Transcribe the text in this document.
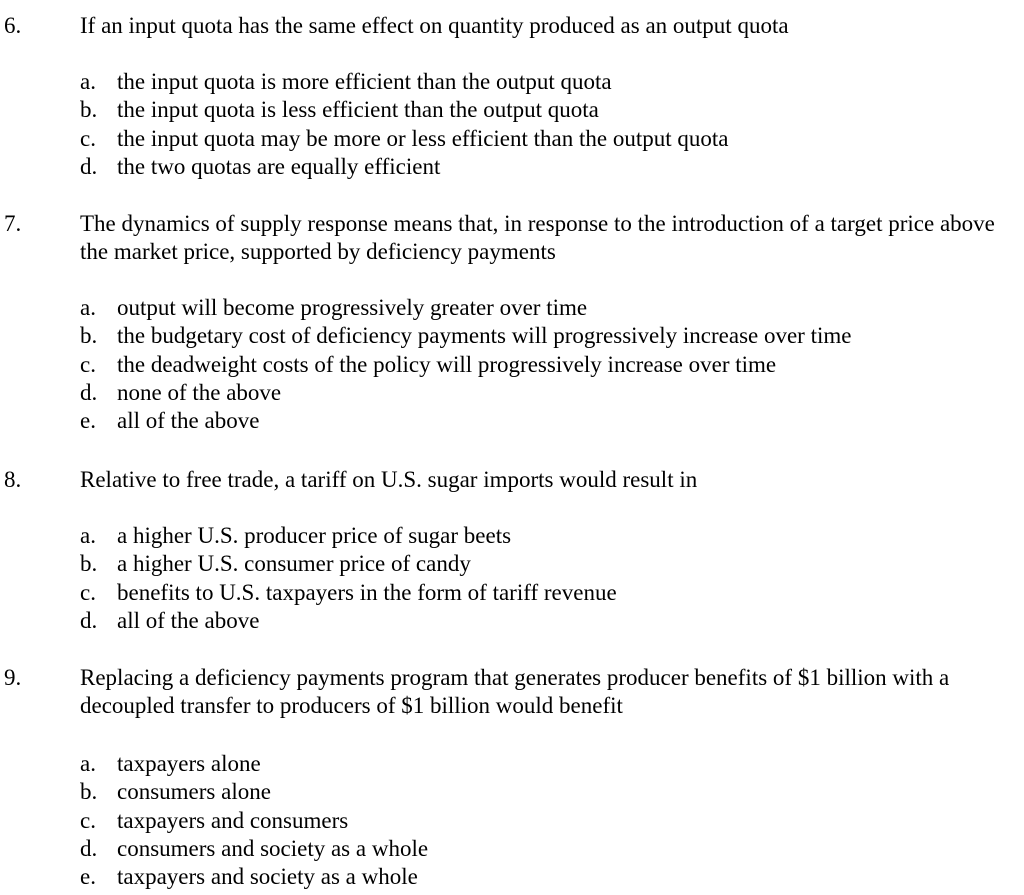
6.	If an input quota has the same effect on quantity produced as an output quota
a. the input quota is more efficient than the output quota
b. the input quota is less efficient than the output quota
c. the input quota may be more or less efficient than the output quota
d. the two quotas are equally efficient
7.	The dynamics of supply response means that, in response to the introduction of a target price above the market price, supported by deficiency payments
a. output will become progressively greater over time
b. the budgetary cost of deficiency payments will progressively increase over time
c. the deadweight costs of the policy will progressively increase over time
d. none of the above
e. all of the above
8.	Relative to free trade, a tariff on U.S. sugar imports would result in
a. a higher U.S. producer price of sugar beets
b. a higher U.S. consumer price of candy
c. benefits to U.S. taxpayers in the form of tariff revenue
d. all of the above
9.	Replacing a deficiency payments program that generates producer benefits of $1 billion with a decoupled transfer to producers of $1 billion would benefit
a. taxpayers alone
b. consumers alone
c. taxpayers and consumers
d. consumers and society as a whole
e. taxpayers and society as a whole
